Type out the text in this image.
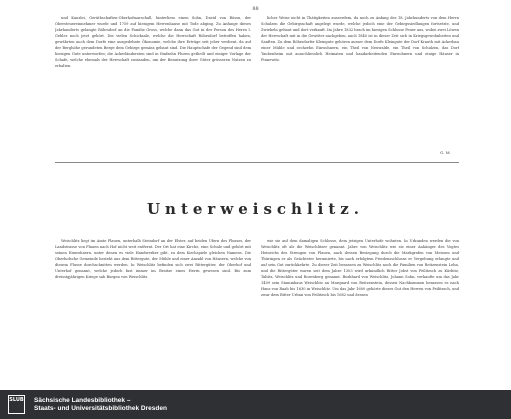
88

und Kanzlei, Geräthschaften-Oberhofmarschall, hinterliess einen Sohn, David von Rössn, der Obersteuereinnehmer wurde und 1759 auf hiesigem Herrenhause mit Tode abging. Zu Anfange dieses Jahrhunderts gelangte Röhrsdorf an die Familie Gross, welche dann das Gut in der Person des Herrn I. Gebler noch jetzt gehört. Die vielen Schicksale, welche die Herrschaft Röhrsdorf betroffen haben, gewährten auch dem Dorfe eine ausgedehnte Ökonomie, welche ihre Erträge seit jeher verdient, da auf der Berghöhe gerundeten Berge dem Gebirge gemäss gebaut sind. Die Hauptschafe der Gegend sind dem hiesigen Gute unterworfen; die Ackerländereien sind in fünfzehn Fluren getheilt und einiger Vorlage der Schafe, welche ehemals der Herrschaft zustanden, um der Benutzung ihrer Güter grösseren Nutzen zu erhalten.

licher Weise nicht in Thätigkeiten ausserdem, da noch zu Anfang des 18. Jahrhunderts von dem Herrn Schulzen die Gebirgsschaft angelegt wurde, welche jedoch eine der Gebirgssiedlungen fortsetzte, und Zwiebeln gebaut und dort verkauft. Im Jahre 1832 brach im hiesigen Schlosse Feuer aus, wobei zwei Löwen der Herrschaft mit in die Gewitter nachgeben, auch 1840 ist in dieser Zeit sich in Kriegsgewohnheiten und Sanften. Zu dem Röhrsdorfer Kleingute gehören ausser dem Dorfe Kleingute der Dorf Krauth mit Ackerbau einer Mühle und sechzehn Einwohnern, ein Theil von Neuwalde, ein Theil von Schulzen, das Dorf Taubenheim mit ausschliesslich Heimaten und handarbeitenden Einwohnern und einige Häuser in Pinnewitz.

G. M.
Unterweischlitz.

Weischlitz liegt im Amte Plauen, unterhalb Steindorf an der Elster, auf beiden Ufern des Flusses, der Landstrasse von Plauen nach Hof nicht weit entfernt. Der Ort hat eine Kirche, eine Schule und gehört mit seinen Einwohnern, unter denen es viele Handwerker gibt, zu dem Kirchspiele gleichen Namens. Die Oberhofsche Gemeinde besteht aus dem Rittergute, der Mühle und einer Anzahl von Häusern, welche von diesem Flusse durchschnitten werden. In Weischlitz befinden sich zwei Rittergüter, der Oberhof und Unterhof genannt, welche jedoch fast immer im Besitze eines Herrn gewesen sind. Bis zum dreissigjährigen Kriege sah Burgen von Weischlitz.

wie sie auf dem damaligen Schlosse, dem jetzigen Unterhofe wohnten. In Urkunden werden die von Weischlitz oft als die Weischlitzer genannt. Jahre von Weischlitz wie sie einer Anhänger des Vogtes Heinrichs des Strengen von Plauen, nach dessen Besiegung durch die Markgrafen von Meissen und Thüringen er als Geächteter herumirrte, bis nach erfolgtem Friedensschlusse er Vergebung erlangte und auf sein Gut zurückkehrte. Zu dieser Zeit besassen zu Weischlitz noch die Familien von Reitzenstein Lehn, und die Rittergüter waren seit dem Jahre 1303 wird urkundlich Ritter Jobst von Feilitzsch zu Kürbitz, Taltitz, Weischlitz und Rosenberg genannt. Burkhard von Weischlitz, Johann Sohn, verkaufte um das Jahr 1409 sein Stammhaus Weischlitz an Marquard von Reitzenstein, dessen Nachkommen besassen es nach Hans von Raab bis 1630 in Weischlitz. Um das Jahr 1600 gehörte dieses Gut den Herren von Feilitzsch, und zwar dem Ritter Urban von Feilitzsch bis 1682 und dessen

SLUB Sächsische Landesbibliothek –
Staats- und Universitätsbibliothek Dresden
